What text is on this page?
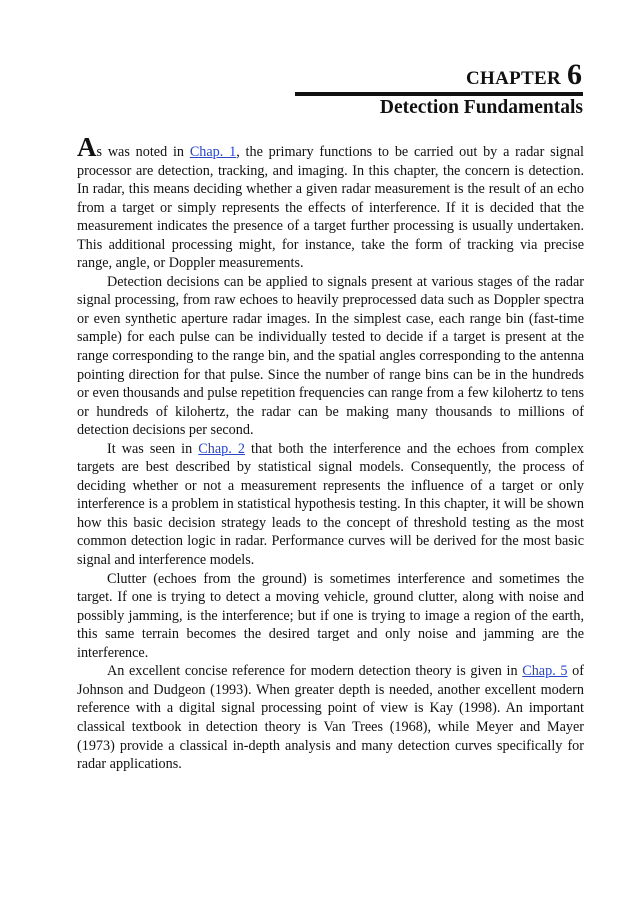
CHAPTER 6
Detection Fundamentals

As was noted in Chap. 1, the primary functions to be carried out by a radar signal processor are detection, tracking, and imaging. In this chapter, the concern is detection. In radar, this means deciding whether a given radar measurement is the result of an echo from a target or simply represents the effects of interference. If it is decided that the measurement indicates the presence of a target further processing is usually undertaken. This additional processing might, for instance, take the form of tracking via precise range, angle, or Doppler measurements.

Detection decisions can be applied to signals present at various stages of the radar signal processing, from raw echoes to heavily preprocessed data such as Doppler spectra or even synthetic aperture radar images. In the simplest case, each range bin (fast-time sample) for each pulse can be individually tested to decide if a target is present at the range corresponding to the range bin, and the spatial angles corresponding to the antenna pointing direction for that pulse. Since the number of range bins can be in the hundreds or even thousands and pulse repetition frequencies can range from a few kilohertz to tens or hundreds of kilohertz, the radar can be making many thousands to millions of detection decisions per second.

It was seen in Chap. 2 that both the interference and the echoes from complex targets are best described by statistical signal models. Consequently, the process of deciding whether or not a measurement represents the influence of a target or only interference is a problem in statistical hypothesis testing. In this chapter, it will be shown how this basic decision strategy leads to the concept of threshold testing as the most common detection logic in radar. Performance curves will be derived for the most basic signal and interference models.

Clutter (echoes from the ground) is sometimes interference and sometimes the target. If one is trying to detect a moving vehicle, ground clutter, along with noise and possibly jamming, is the interference; but if one is trying to image a region of the earth, this same terrain becomes the desired target and only noise and jamming are the interference.

An excellent concise reference for modern detection theory is given in Chap. 5 of Johnson and Dudgeon (1993). When greater depth is needed, another excellent modern reference with a digital signal processing point of view is Kay (1998). An important classical textbook in detection theory is Van Trees (1968), while Meyer and Mayer (1973) provide a classical in-depth analysis and many detection curves specifically for radar applications.
